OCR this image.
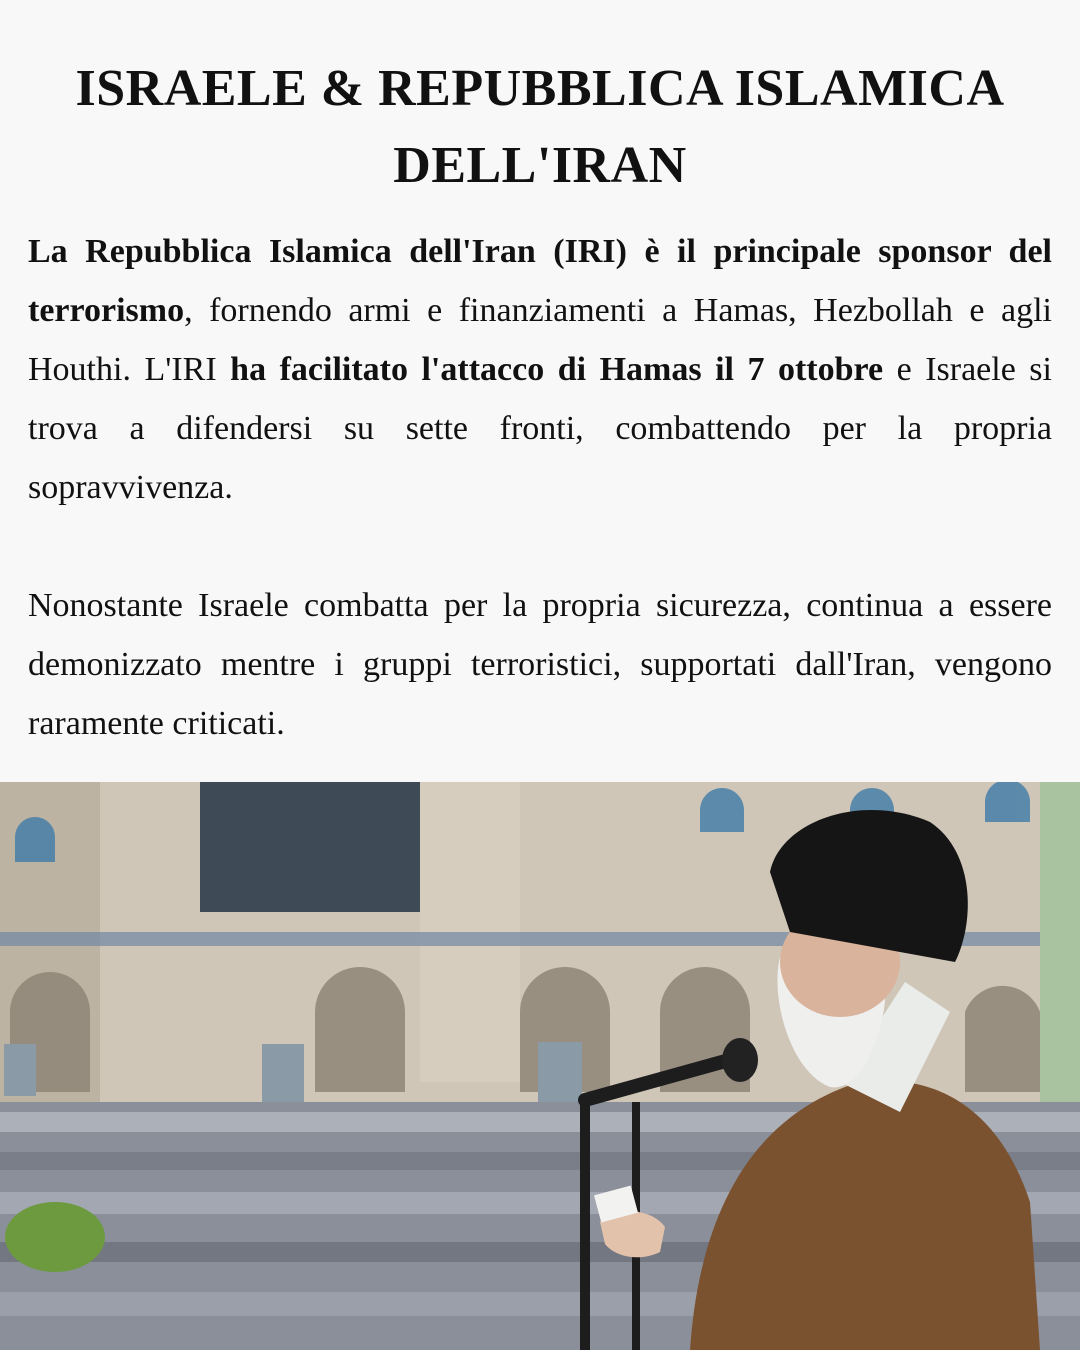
ISRAELE & REPUBBLICA ISLAMICA DELL'IRAN

La Repubblica Islamica dell'Iran (IRI) è il principale sponsor del terrorismo, fornendo armi e finanziamenti a Hamas, Hezbollah e agli Houthi. L'IRI ha facilitato l'attacco di Hamas il 7 ottobre e Israele si trova a difendersi su sette fronti, combattendo per la propria sopravvivenza.

Nonostante Israele combatta per la propria sicurezza, continua a essere demonizzato mentre i gruppi terroristici, supportati dall'Iran, vengono raramente criticati.
